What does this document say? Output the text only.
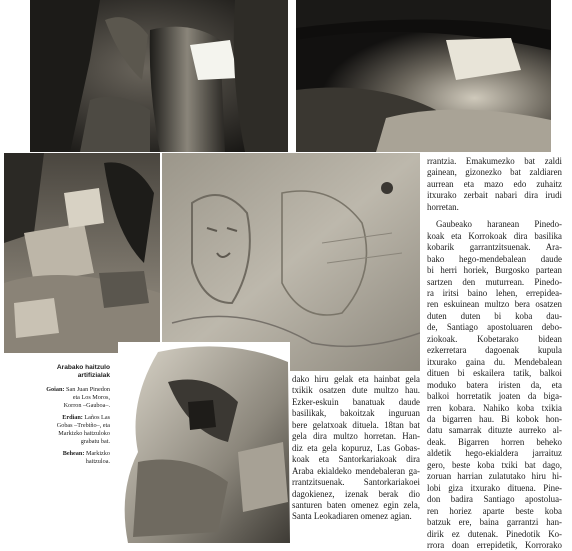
Arabako haitzulo
artifizialak

Goian: San Juan Pinedon
eta Los Moros,
Korron –Gauboa–.

Erdian: Laños Las
Gobas –Trebiño–, eta
Markizko haitzuloko
grabatu bat.

Behean: Markizko
haitzuloa.

rrantzia. Emakumezko bat zaldi
gainean, gizonezko bat zaldiaren
aurrean eta mazo edo zuhaitz
itxurako zerbait nabari dira irudi
horretan.

Gaubeako haranean Pinedo-
koak eta Korrokoak dira basilika
kobarik garrantzitsuenak. Ara-
bako hego-mendebalean daude
bi herri horiek, Burgosko partean
sartzen den muturrean. Pinedo-
ra iritsi baino lehen, errepidea-
ren eskuinean multzo bera osatzen
duten duten bi koba dau-
de, Santiago apostoluaren debo-
ziokoak. Kobetarako bidean
ezkerretara dagoenak kupula
itxurako gaina du. Mendebalean
dituen bi eskailera tatik, balkoi
moduko batera iristen da, eta
balkoi horretatik joaten da biga-
rren kobara. Nahiko koba txikia
da bigarren hau. Bi kobok hon-
datu samarrak dituzte aurreko al-
deak. Bigarren horren beheko
aldetik hego-ekialdera jarraituz
gero, beste koba txiki bat dago,
zoruan harrian zulatutako hiru hi-
lobi giza itxurako dituena. Pine-
don badira Santiago apostolua-
ren horiez aparte beste koba
batzuk ere, baina garrantzi han-
dirik ez dutenak. Pinedotik Ko-
rrora doan errepidetik, Korrorako

dako hiru gelak eta hainbat gela
txikik osatzen dute multzo hau.
Ezker-eskuin banatuak daude
basilikak, bakoitzak inguruan
bere gelatxoak dituela. 18tan bat
gela dira multzo horretan. Han-
diz eta gela kopuruz, Las Gobas-
koak eta Santorkariakoak dira
Araba ekialdeko mendebaleran ga-
rrantzitsuenak. Santorkariakoei
dagokienez, izenak berak dio
santuren baten omenez egin zela,
Santa Leokadiaren omenez agian.
